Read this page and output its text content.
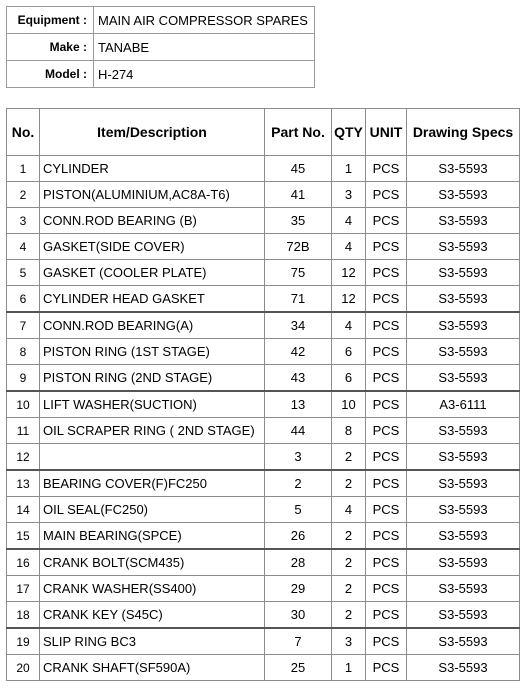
Equipment :	MAIN AIR COMPRESSOR SPARES
Make :	TANABE
Model :	H-274
No.	Item/Description	Part No.	QTY	UNIT	Drawing Specs
1	CYLINDER	45	1	PCS	S3-5593
2	PISTON(ALUMINIUM,AC8A-T6)	41	3	PCS	S3-5593
3	CONN.ROD BEARING (B)	35	4	PCS	S3-5593
4	GASKET(SIDE COVER)	72B	4	PCS	S3-5593
5	GASKET (COOLER PLATE)	75	12	PCS	S3-5593
6	CYLINDER HEAD GASKET	71	12	PCS	S3-5593
7	CONN.ROD BEARING(A)	34	4	PCS	S3-5593
8	PISTON RING (1ST STAGE)	42	6	PCS	S3-5593
9	PISTON RING (2ND STAGE)	43	6	PCS	S3-5593
10	LIFT WASHER(SUCTION)	13	10	PCS	A3-6111
11	OIL SCRAPER RING ( 2ND STAGE)	44	8	PCS	S3-5593
12		3	2	PCS	S3-5593
13	BEARING COVER(F)FC250	2	2	PCS	S3-5593
14	OIL SEAL(FC250)	5	4	PCS	S3-5593
15	MAIN BEARING(SPCE)	26	2	PCS	S3-5593
16	CRANK BOLT(SCM435)	28	2	PCS	S3-5593
17	CRANK WASHER(SS400)	29	2	PCS	S3-5593
18	CRANK KEY (S45C)	30	2	PCS	S3-5593
19	SLIP RING BC3	7	3	PCS	S3-5593
20	CRANK SHAFT(SF590A)	25	1	PCS	S3-5593
